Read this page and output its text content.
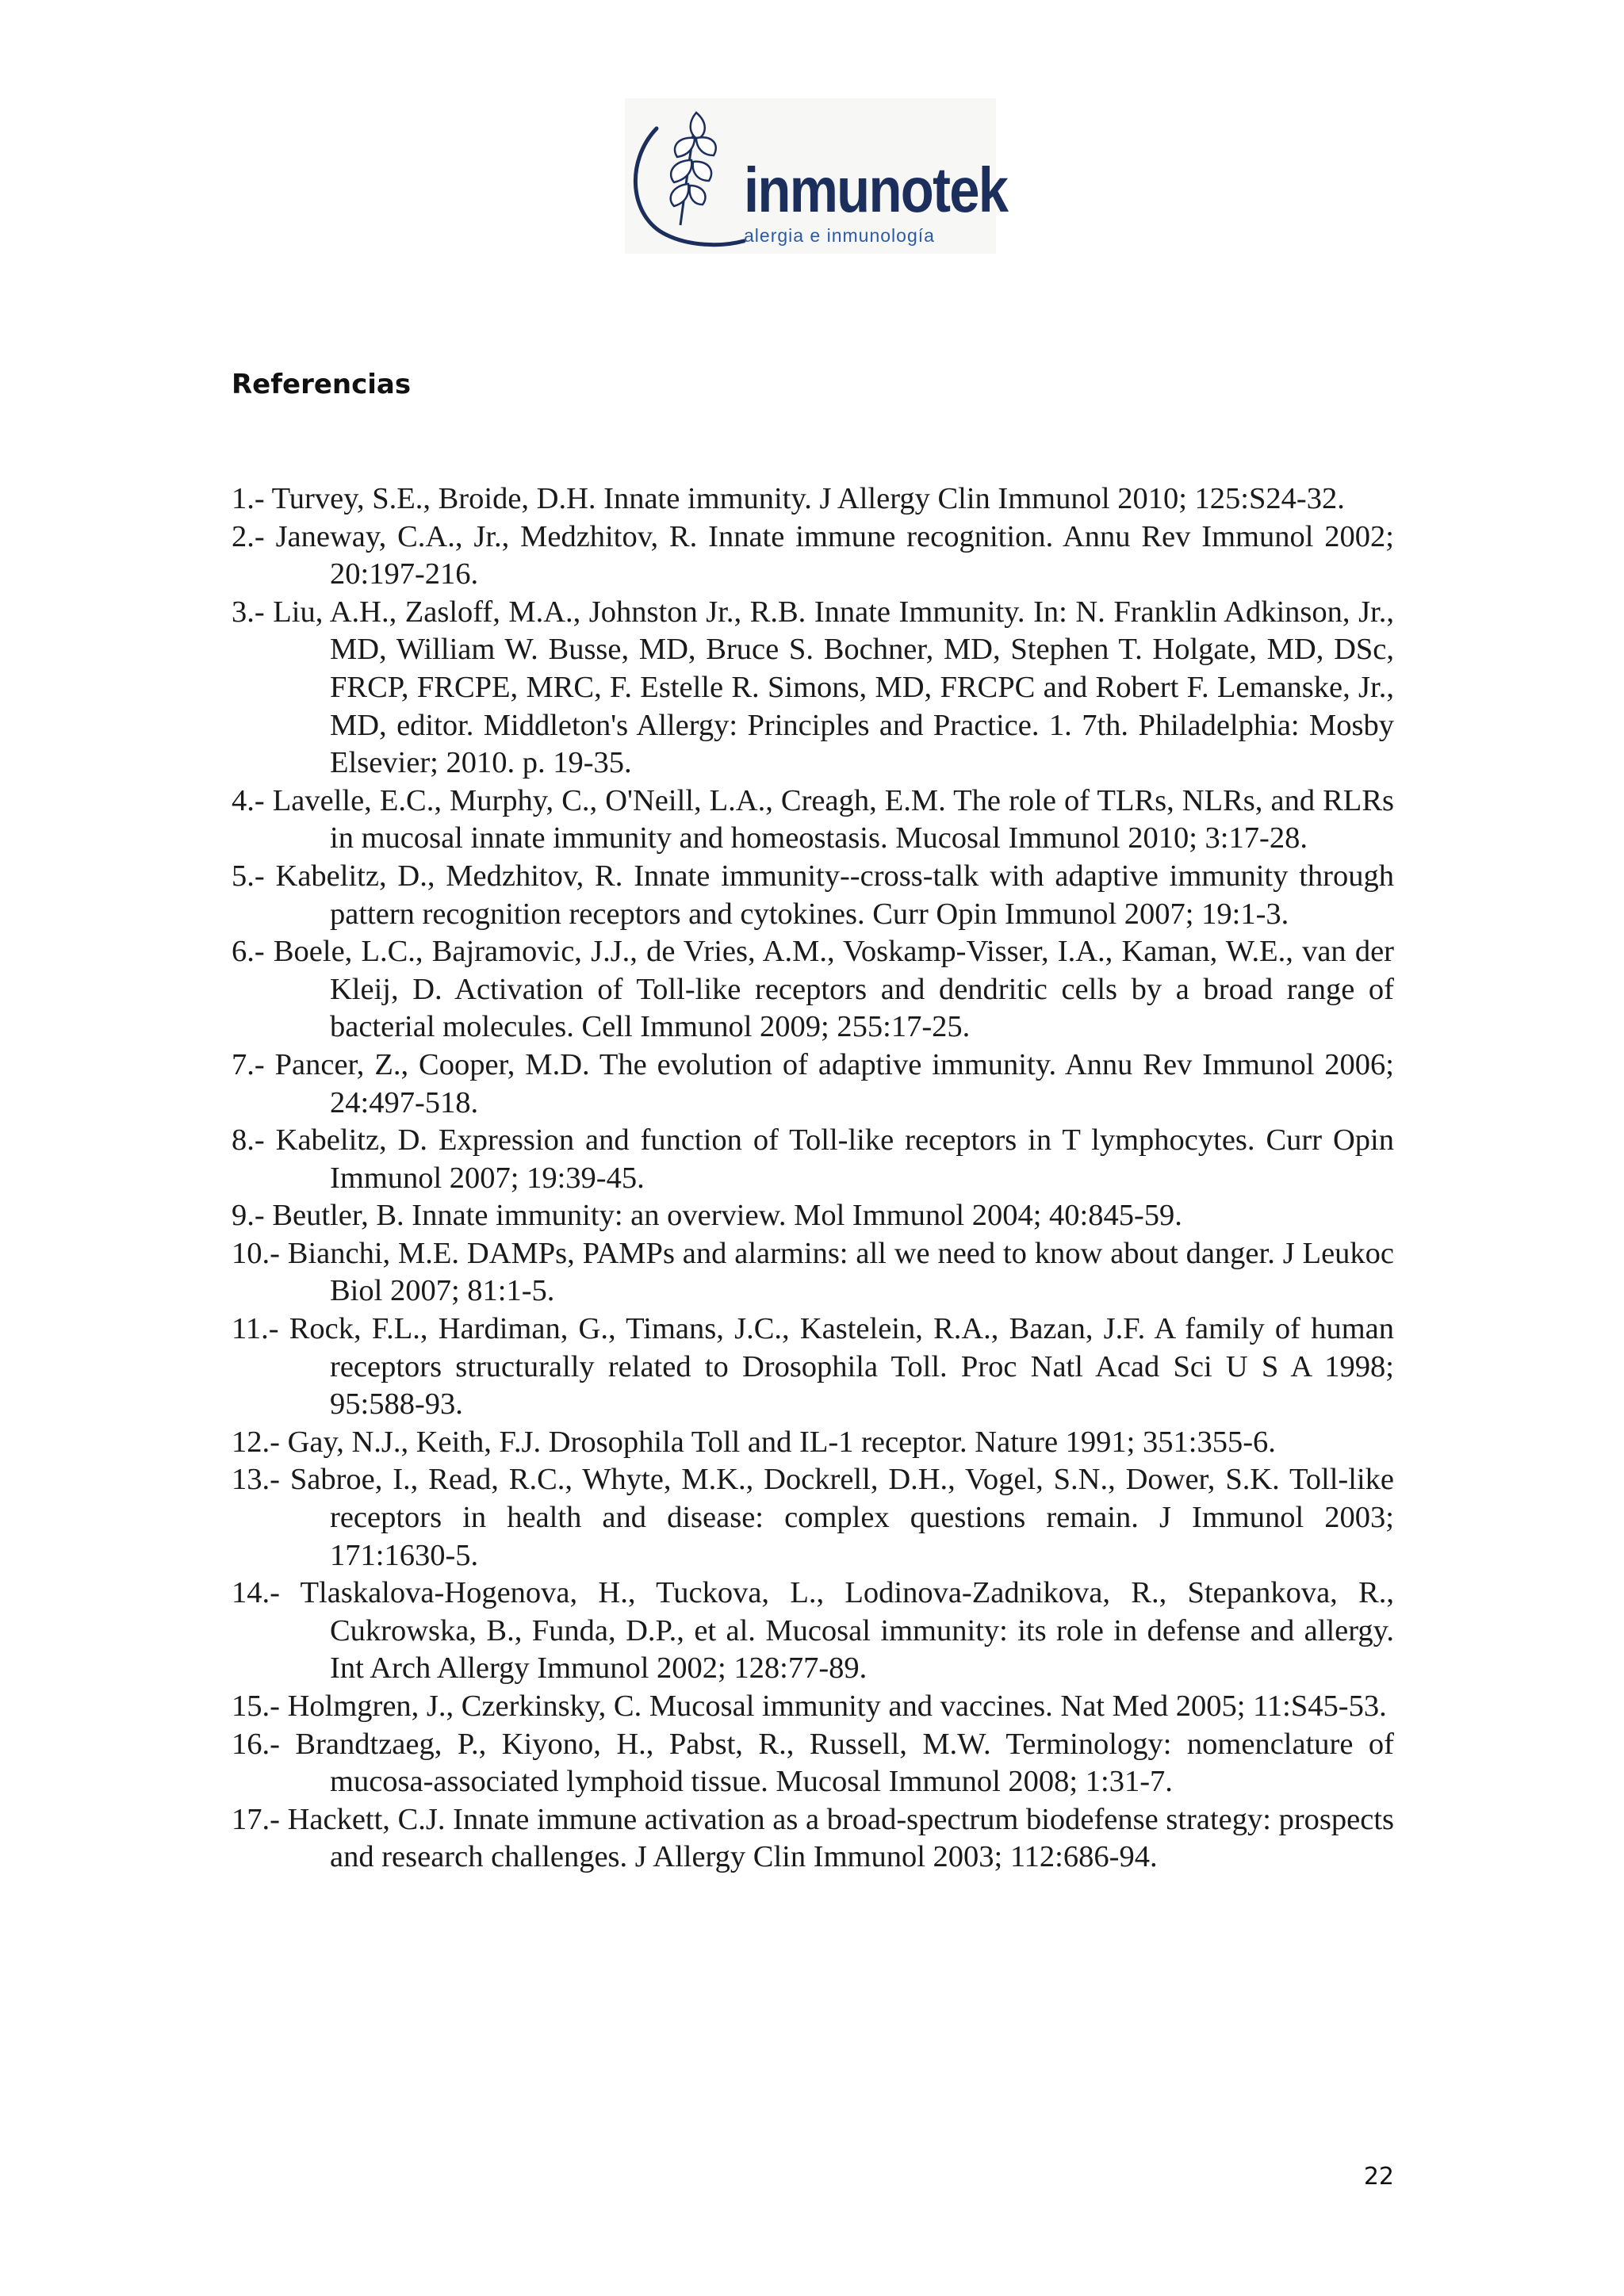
inmunotek
alergia e inmunología
Referencias
1.- Turvey, S.E., Broide, D.H. Innate immunity. J Allergy Clin Immunol 2010; 125:S24-32.
2.- Janeway, C.A., Jr., Medzhitov, R. Innate immune recognition. Annu Rev Immunol 2002; 20:197-216.
3.- Liu, A.H., Zasloff, M.A., Johnston Jr., R.B. Innate Immunity. In: N. Franklin Adkinson, Jr., MD, William W. Busse, MD, Bruce S. Bochner, MD, Stephen T. Holgate, MD, DSc, FRCP, FRCPE, MRC, F. Estelle R. Simons, MD, FRCPC and Robert F. Lemanske, Jr., MD, editor. Middleton's Allergy: Principles and Practice. 1. 7th. Philadelphia: Mosby Elsevier; 2010. p. 19-35.
4.- Lavelle, E.C., Murphy, C., O'Neill, L.A., Creagh, E.M. The role of TLRs, NLRs, and RLRs in mucosal innate immunity and homeostasis. Mucosal Immunol 2010; 3:17-28.
5.- Kabelitz, D., Medzhitov, R. Innate immunity--cross-talk with adaptive immunity through pattern recognition receptors and cytokines. Curr Opin Immunol 2007; 19:1-3.
6.- Boele, L.C., Bajramovic, J.J., de Vries, A.M., Voskamp-Visser, I.A., Kaman, W.E., van der Kleij, D. Activation of Toll-like receptors and dendritic cells by a broad range of bacterial molecules. Cell Immunol 2009; 255:17-25.
7.- Pancer, Z., Cooper, M.D. The evolution of adaptive immunity. Annu Rev Immunol 2006; 24:497-518.
8.- Kabelitz, D. Expression and function of Toll-like receptors in T lymphocytes. Curr Opin Immunol 2007; 19:39-45.
9.- Beutler, B. Innate immunity: an overview. Mol Immunol 2004; 40:845-59.
10.- Bianchi, M.E. DAMPs, PAMPs and alarmins: all we need to know about danger. J Leukoc Biol 2007; 81:1-5.
11.- Rock, F.L., Hardiman, G., Timans, J.C., Kastelein, R.A., Bazan, J.F. A family of human receptors structurally related to Drosophila Toll. Proc Natl Acad Sci U S A 1998; 95:588-93.
12.- Gay, N.J., Keith, F.J. Drosophila Toll and IL-1 receptor. Nature 1991; 351:355-6.
13.- Sabroe, I., Read, R.C., Whyte, M.K., Dockrell, D.H., Vogel, S.N., Dower, S.K. Toll-like receptors in health and disease: complex questions remain. J Immunol 2003; 171:1630-5.
14.- Tlaskalova-Hogenova, H., Tuckova, L., Lodinova-Zadnikova, R., Stepankova, R., Cukrowska, B., Funda, D.P., et al. Mucosal immunity: its role in defense and allergy. Int Arch Allergy Immunol 2002; 128:77-89.
15.- Holmgren, J., Czerkinsky, C. Mucosal immunity and vaccines. Nat Med 2005; 11:S45-53.
16.- Brandtzaeg, P., Kiyono, H., Pabst, R., Russell, M.W. Terminology: nomenclature of mucosa-associated lymphoid tissue. Mucosal Immunol 2008; 1:31-7.
17.- Hackett, C.J. Innate immune activation as a broad-spectrum biodefense strategy: prospects and research challenges. J Allergy Clin Immunol 2003; 112:686-94.
22
